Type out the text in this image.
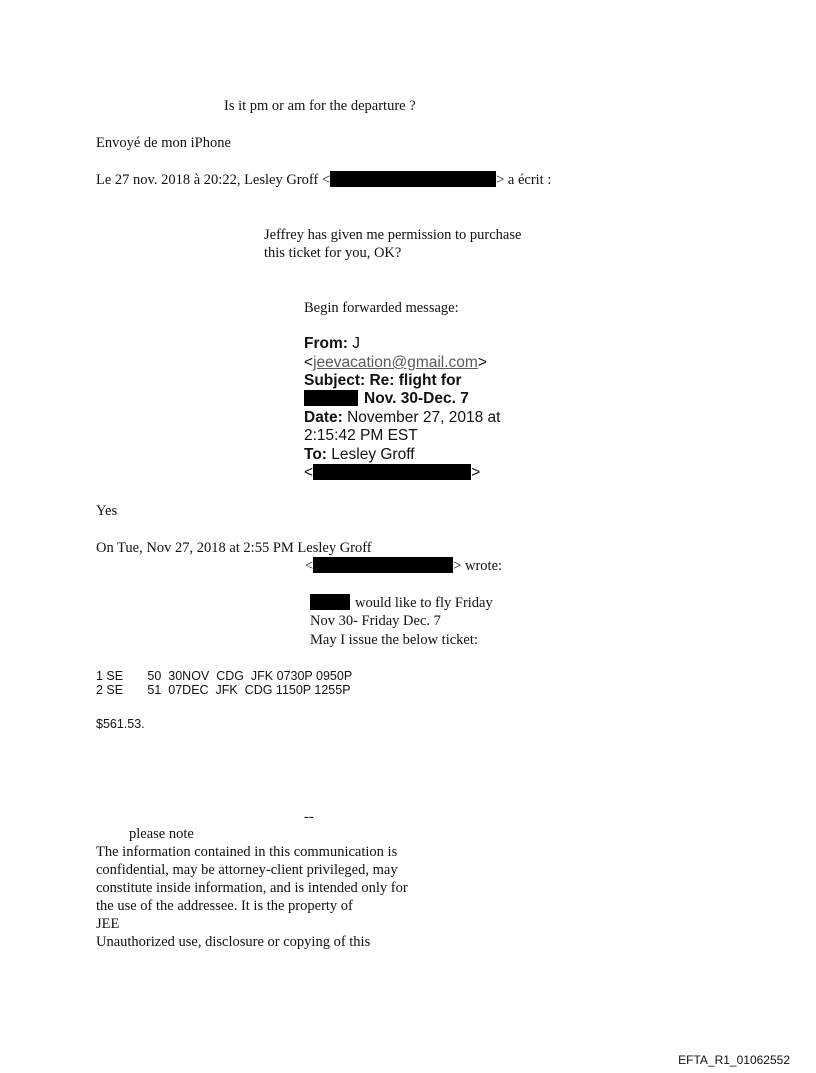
Is it pm or am for the departure ?
Envoyé de mon iPhone
Le 27 nov. 2018 à 20:22, Lesley Groff <	> a écrit :
Jeffrey has given me permission to purchase
this ticket for you, OK?
Begin forwarded message:
From: J
<jeevacation@gmail.com>
Subject: Re: flight for
Nov. 30-Dec. 7
Date: November 27, 2018 at
2:15:42 PM EST
To: Lesley Groff
<	>
Yes
On Tue, Nov 27, 2018 at 2:55 PM Lesley Groff
<	> wrote:
would like to fly Friday
Nov 30- Friday Dec. 7
May I issue the below ticket:
1 SE       50  30NOV  CDG  JFK 0730P 0950P
2 SE       51  07DEC  JFK  CDG 1150P 1255P
$561.53.
--
please note
The information contained in this communication is
confidential, may be attorney-client privileged, may
constitute inside information, and is intended only for
the use of the addressee. It is the property of
JEE
Unauthorized use, disclosure or copying of this
EFTA_R1_01062552
